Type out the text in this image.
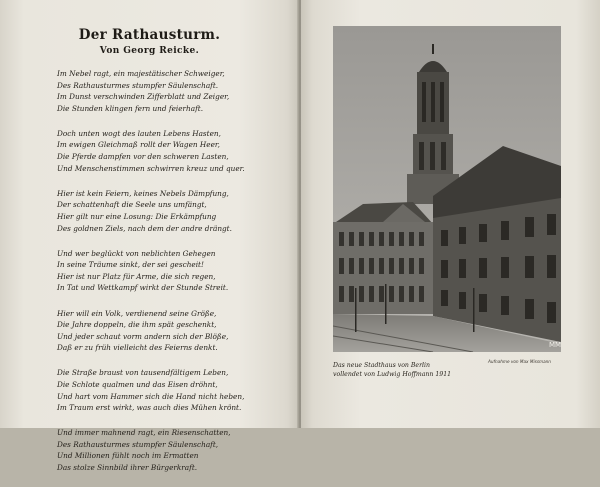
Der Rathausturm.
Von Georg Reicke.
Im Nebel ragt, ein majestätischer Schweiger,
Des Rathausturmes stumpfer Säulenschaft.
Im Dunst verschwinden Zifferblatt und Zeiger,
Die Stunden klingen fern und feierhaft.
Doch unten wogt des lauten Lebens Hasten,
Im ewigen Gleichmaß rollt der Wagen Heer,
Die Pferde dampfen vor den schweren Lasten,
Und Menschenstimmen schwirren kreuz und quer.
Hier ist kein Feiern, keines Nebels Dämpfung,
Der schattenhaft die Seele uns umfängt,
Hier gilt nur eine Losung: Die Erkämpfung
Des goldnen Ziels, nach dem der andre drängt.
Und wer beglückt von neblichten Gehegen
In seine Träume sinkt, der sei gescheit!
Hier ist nur Platz für Arme, die sich regen,
In Tat und Wettkampf wirkt der Stunde Streit.
Hier will ein Volk, verdienend seine Größe,
Die Jahre doppeln, die ihm spät geschenkt,
Und jeder schaut vorm andern sich der Blöße,
Daß er zu früh vielleicht des Feierns denkt.
Die Straße braust von tausendfältigem Leben,
Die Schlote qualmen und das Eisen dröhnt,
Und hart vom Hammer sich die Hand nicht heben,
Im Traum erst wirkt, was auch dies Mühen krönt.
Und immer mahnend ragt, ein Riesenschatten,
Des Rathausturmes stumpfer Säulenschaft,
Und Millionen fühlt noch im Ermatten
Das stolze Sinnbild ihrer Bürgerkraft.
MM
Das neue Stadthaus von Berlin
vollendet von Ludwig Hoffmann 1911
Aufnahme von Max Missmann
